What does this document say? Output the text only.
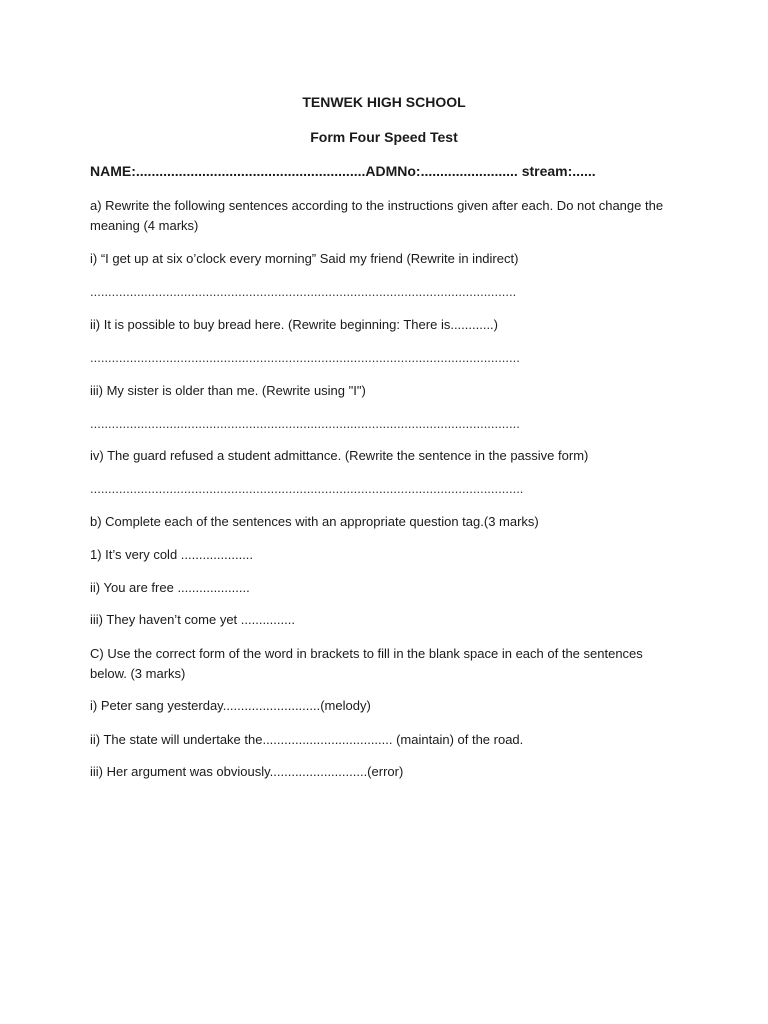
TENWEK HIGH SCHOOL
Form Four Speed Test
NAME:...........................................................ADMNo:......................... stream:......
a) Rewrite the following sentences according to the instructions given after each. Do not change the meaning (4 marks)
i) “I get up at six o’clock every morning” Said my friend (Rewrite in indirect)
......................................................................................................................
ii) It is possible to buy bread here. (Rewrite beginning: There is............)
.......................................................................................................................
iii) My sister is older than me. (Rewrite using "I")
.......................................................................................................................
iv) The guard refused a student admittance. (Rewrite the sentence in the passive form)
........................................................................................................................
b) Complete each of the sentences with an appropriate question tag.(3 marks)
1) It’s very cold ....................
ii) You are free ....................
iii) They haven’t come yet ...............
C) Use the correct form of the word in brackets to fill in the blank space in each of the sentences below. (3 marks)
i) Peter sang yesterday...........................(melody)
ii) The state will undertake the.................................... (maintain) of the road.
iii) Her argument was obviously...........................(error)
